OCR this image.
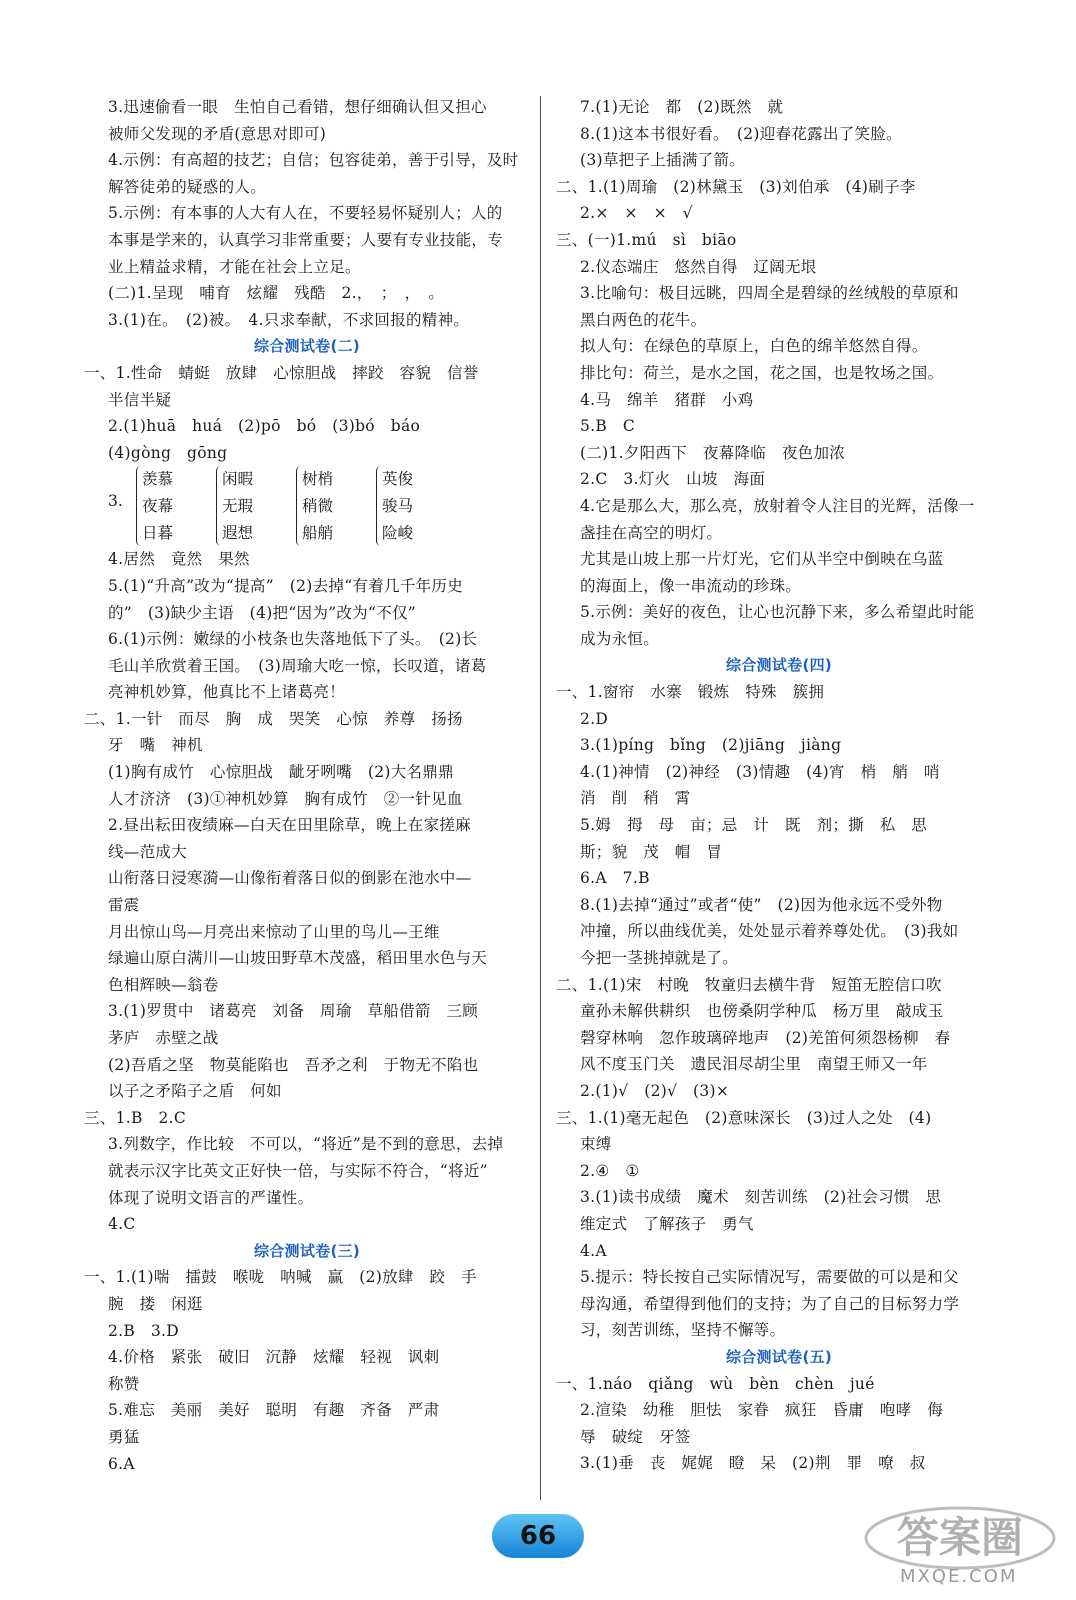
3.迅速偷看一眼　生怕自己看错，想仔细确认但又担心
被师父发现的矛盾(意思对即可)
4.示例：有高超的技艺；自信；包容徒弟，善于引导，及时
解答徒弟的疑惑的人。
5.示例：有本事的人大有人在，不要轻易怀疑别人；人的
本事是学来的，认真学习非常重要；人要有专业技能，专
业上精益求精，才能在社会上立足。
(二)1.呈现　哺育　炫耀　残酷　2.，　；　，　。
3.(1)在。　(2)被。　4.只求奉献，不求回报的精神。
综合测试卷(二)
一、1.性命　蜻蜓　放肆　心惊胆战　摔跤　容貌　信誉
半信半疑
2.(1)huā　huá　(2)pō　bó　(3)bó　báo
(4)gòng　gōng
3.
羡慕
夜幕
日暮
闲暇
无瑕
遐想
树梢
稍微
船艄
英俊
骏马
险峻
4.居然　竟然　果然
5.(1)“升高”改为“提高”　(2)去掉“有着几千年历史
的”　(3)缺少主语　(4)把“因为”改为“不仅”
6.(1)示例：嫩绿的小枝条也失落地低下了头。　(2)长
毛山羊欣赏着王国。　(3)周瑜大吃一惊，长叹道，诸葛
亮神机妙算，他真比不上诸葛亮！
二、1.一针　而尽　胸　成　哭笑　心惊　养尊　扬扬
牙　嘴　神机
(1)胸有成竹　心惊胆战　龇牙咧嘴　(2)大名鼎鼎
人才济济　(3)①神机妙算　胸有成竹　②一针见血
2.昼出耘田夜绩麻—白天在田里除草，晚上在家搓麻
线—范成大
山衔落日浸寒漪—山像衔着落日似的倒影在池水中—
雷震
月出惊山鸟—月亮出来惊动了山里的鸟儿—王维
绿遍山原白满川—山坡田野草木茂盛，稻田里水色与天
色相辉映—翁卷
3.(1)罗贯中　诸葛亮　刘备　周瑜　草船借箭　三顾
茅庐　赤壁之战
(2)吾盾之坚　物莫能陷也　吾矛之利　于物无不陷也
以子之矛陷子之盾　何如
三、1.B　2.C
3.列数字，作比较　不可以，“将近”是不到的意思，去掉
就表示汉字比英文正好快一倍，与实际不符合，“将近”
体现了说明文语言的严谨性。
4.C
综合测试卷(三)
一、1.(1)喘　擂鼓　喉咙　呐喊　赢　(2)放肆　跤　手
腕　搂　闲逛
2.B　3.D
4.价格　紧张　破旧　沉静　炫耀　轻视　讽刺
称赞
5.难忘　美丽　美好　聪明　有趣　齐备　严肃
勇猛
6.A
7.(1)无论　都　(2)既然　就
8.(1)这本书很好看。　(2)迎春花露出了笑脸。
(3)草把子上插满了箭。
二、1.(1)周瑜　(2)林黛玉　(3)刘伯承　(4)刷子李
2.×　×　×　√
三、(一)1.mú　sì　biāo
2.仪态端庄　悠然自得　辽阔无垠
3.比喻句：极目远眺，四周全是碧绿的丝绒般的草原和
黑白两色的花牛。
拟人句：在绿色的草原上，白色的绵羊悠然自得。
排比句：荷兰，是水之国，花之国，也是牧场之国。
4.马　绵羊　猪群　小鸡
5.B　C
(二)1.夕阳西下　夜幕降临　夜色加浓
2.C　3.灯火　山坡　海面
4.它是那么大，那么亮，放射着令人注目的光辉，活像一
盏挂在高空的明灯。
尤其是山坡上那一片灯光，它们从半空中倒映在乌蓝
的海面上，像一串流动的珍珠。
5.示例：美好的夜色，让心也沉静下来，多么希望此时能
成为永恒。
综合测试卷(四)
一、1.窗帘　水寨　锻炼　特殊　簇拥
2.D
3.(1)píng　bǐng　(2)jiāng　jiàng
4.(1)神情　(2)神经　(3)情趣　(4)宵　梢　艄　哨
消　削　稍　霄
5.姆　拇　母　亩；忌　计　既　剂；撕　私　思
斯；貌　茂　帽　冒
6.A　7.B
8.(1)去掉“通过”或者“使”　(2)因为他永远不受外物
冲撞，所以曲线优美，处处显示着养尊处优。　(3)我如
今把一茎挑掉就是了。
二、1.(1)宋　村晚　牧童归去横牛背　短笛无腔信口吹
童孙未解供耕织　也傍桑阴学种瓜　杨万里　敲成玉
磬穿林响　忽作玻璃碎地声　(2)羌笛何须怨杨柳　春
风不度玉门关　遗民泪尽胡尘里　南望王师又一年
2.(1)√　(2)√　(3)×
三、1.(1)毫无起色　(2)意味深长　(3)过人之处　(4)
束缚
2.④　①
3.(1)读书成绩　魔术　刻苦训练　(2)社会习惯　思
维定式　了解孩子　勇气
4.A
5.提示：特长按自己实际情况写，需要做的可以是和父
母沟通，希望得到他们的支持；为了自己的目标努力学
习，刻苦训练，坚持不懈等。
综合测试卷(五)
一、1.náo　qiǎng　wù　bèn　chèn　jué
2.渲染　幼稚　胆怯　家眷　疯狂　昏庸　咆哮　侮
辱　破绽　牙签
3.(1)垂　丧　娓娓　瞪　呆　(2)荆　罪　嘹　叔
66	答案圈
MXQE.COM
